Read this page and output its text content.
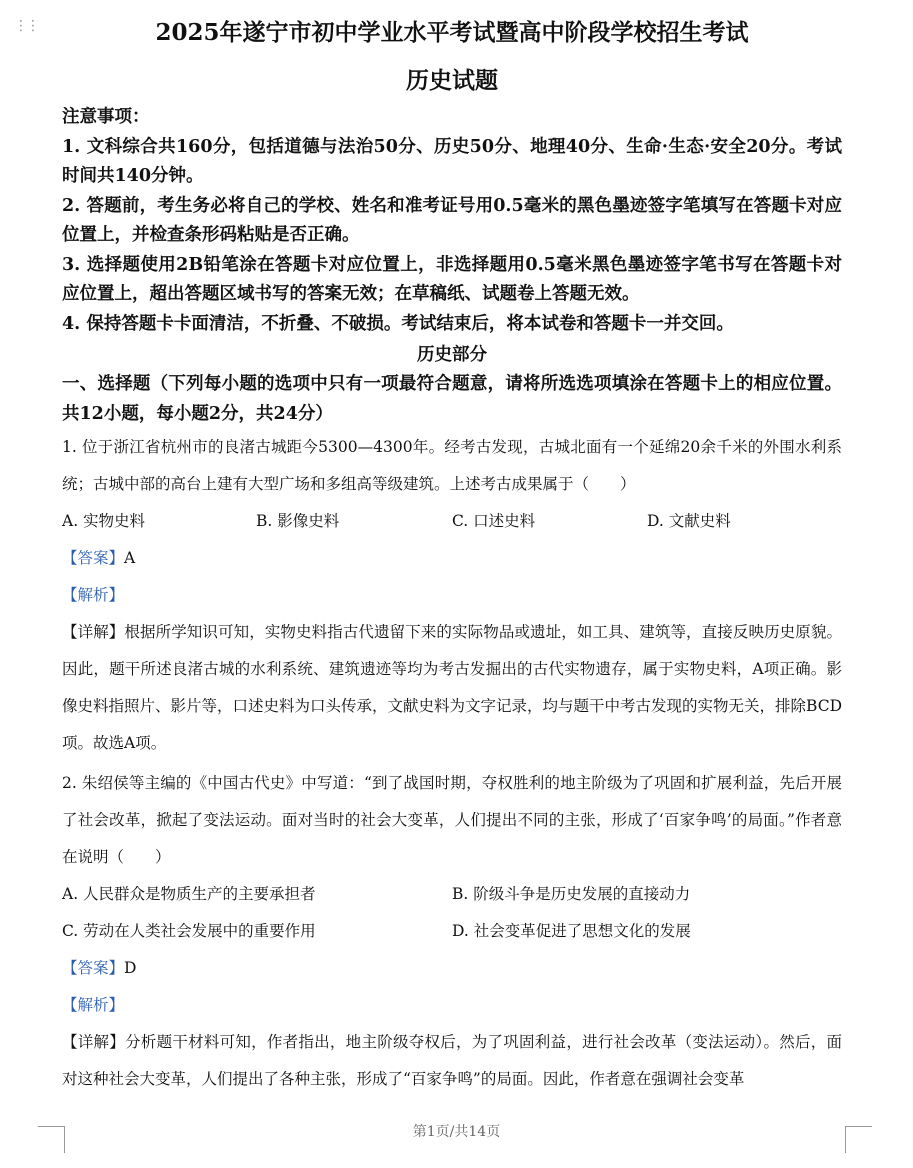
⋮⋮	2025年遂宁市初中学业水平考试暨高中阶段学校招生考试
历史试题

注意事项：

1. 文科综合共160分，包括道德与法治50分、历史50分、地理40分、生命·生态·安全20分。考试时间共140分钟。

2. 答题前，考生务必将自己的学校、姓名和准考证号用0.5毫米的黑色墨迹签字笔填写在答题卡对应位置上，并检查条形码粘贴是否正确。

3. 选择题使用2B铅笔涂在答题卡对应位置上，非选择题用0.5毫米黑色墨迹签字笔书写在答题卡对应位置上，超出答题区域书写的答案无效；在草稿纸、试题卷上答题无效。

4. 保持答题卡卡面清洁，不折叠、不破损。考试结束后，将本试卷和答题卡一并交回。

历史部分
一、选择题（下列每小题的选项中只有一项最符合题意，请将所选选项填涂在答题卡上的相应位置。共12小题，每小题2分，共24分）

1. 位于浙江省杭州市的良渚古城距今5300—4300年。经考古发现，古城北面有一个延绵20余千米的外围水利系统；古城中部的高台上建有大型广场和多组高等级建筑。上述考古成果属于（　　）

A. 实物史料	B. 影像史料	C. 口述史料	D. 文献史料

【答案】A

【解析】

【详解】根据所学知识可知，实物史料指古代遗留下来的实际物品或遗址，如工具、建筑等，直接反映历史原貌。因此，题干所述良渚古城的水利系统、建筑遗迹等均为考古发掘出的古代实物遗存，属于实物史料，A项正确。影像史料指照片、影片等，口述史料为口头传承，文献史料为文字记录，均与题干中考古发现的实物无关，排除BCD项。故选A项。

2. 朱绍侯等主编的《中国古代史》中写道：“到了战国时期，夺权胜利的地主阶级为了巩固和扩展利益，先后开展了社会改革，掀起了变法运动。面对当时的社会大变革，人们提出不同的主张，形成了‘百家争鸣’的局面。”作者意在说明（　　）

A. 人民群众是物质生产的主要承担者	B. 阶级斗争是历史发展的直接动力
C. 劳动在人类社会发展中的重要作用	D. 社会变革促进了思想文化的发展

【答案】D

【解析】

【详解】分析题干材料可知，作者指出，地主阶级夺权后，为了巩固利益，进行社会改革（变法运动）。然后，面对这种社会大变革，人们提出了各种主张，形成了“百家争鸣”的局面。因此，作者意在强调社会变革

第1页/共14页
